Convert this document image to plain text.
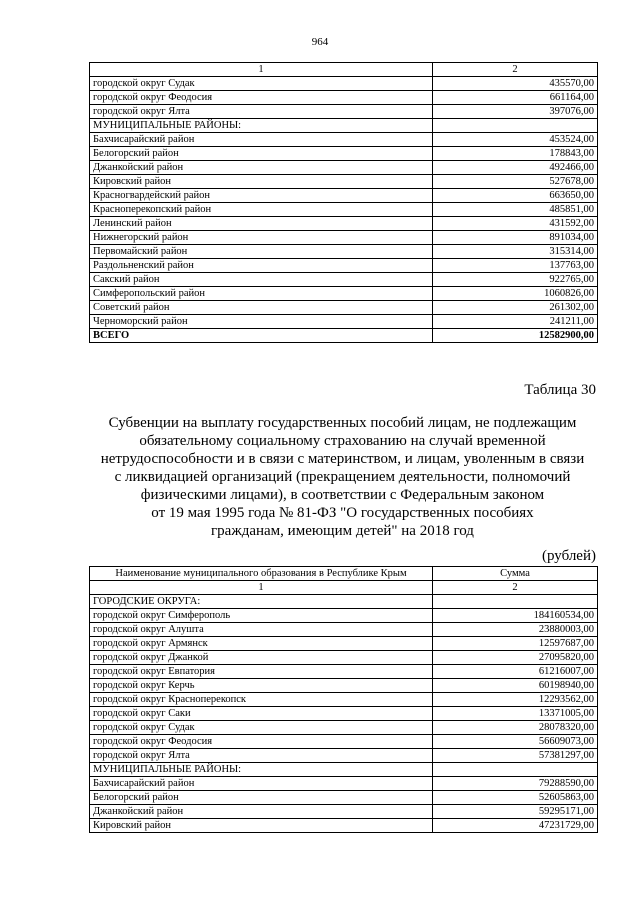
964
1	2
городской округ Судак	435570,00
городской округ Феодосия	661164,00
городской округ Ялта	397076,00
МУНИЦИПАЛЬНЫЕ РАЙОНЫ:	
Бахчисарайский район	453524,00
Белогорский район	178843,00
Джанкойский район	492466,00
Кировский район	527678,00
Красногвардейский район	663650,00
Красноперекопский район	485851,00
Ленинский район	431592,00
Нижнегорский район	891034,00
Первомайский район	315314,00
Раздольненский район	137763,00
Сакский район	922765,00
Симферопольский район	1060826,00
Советский район	261302,00
Черноморский район	241211,00
ВСЕГО	12582900,00
Таблица 30
Субвенции на выплату государственных пособий лицам, не подлежащим
обязательному социальному страхованию на случай временной
нетрудоспособности и в связи с материнством, и лицам, уволенным в связи
с ликвидацией организаций (прекращением деятельности, полномочий
физическими лицами), в соответствии с Федеральным законом
от 19 мая 1995 года № 81-ФЗ "О государственных пособиях
гражданам, имеющим детей" на 2018 год
(рублей)
Наименование муниципального образования в Республике Крым	Сумма
1	2
ГОРОДСКИЕ ОКРУГА:	
городской округ Симферополь	184160534,00
городской округ Алушта	23880003,00
городской округ Армянск	12597687,00
городской округ Джанкой	27095820,00
городской округ Евпатория	61216007,00
городской округ Керчь	60198940,00
городской округ Красноперекопск	12293562,00
городской округ Саки	13371005,00
городской округ Судак	28078320,00
городской округ Феодосия	56609073,00
городской округ Ялта	57381297,00
МУНИЦИПАЛЬНЫЕ РАЙОНЫ:	
Бахчисарайский район	79288590,00
Белогорский район	52605863,00
Джанкойский район	59295171,00
Кировский район	47231729,00
